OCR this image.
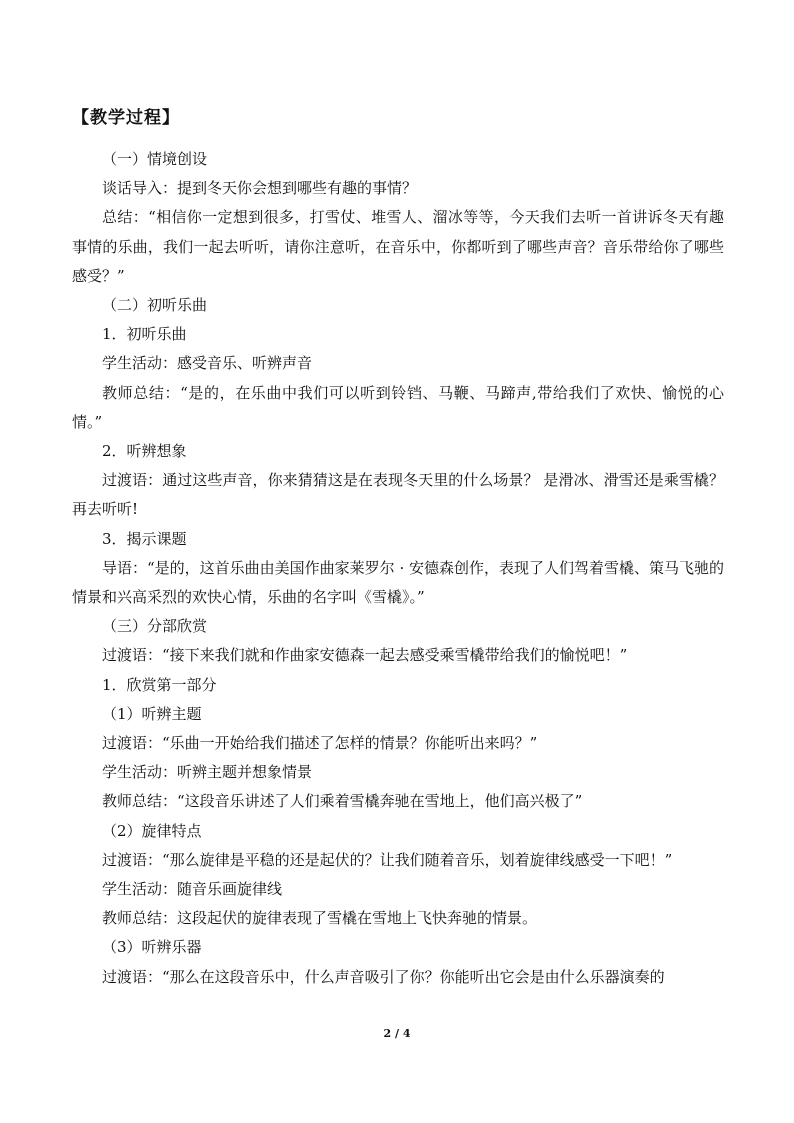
【教学过程】

（一）情境创设

谈话导入：提到冬天你会想到哪些有趣的事情？

总结：“相信你一定想到很多，打雪仗、堆雪人、溜冰等等，今天我们去听一首讲诉冬天有趣事情的乐曲，我们一起去听听，请你注意听，在音乐中，你都听到了哪些声音？音乐带给你了哪些感受？”

（二）初听乐曲

1．初听乐曲

学生活动：感受音乐、听辨声音

教师总结：“是的，在乐曲中我们可以听到铃铛、马鞭、马蹄声,带给我们了欢快、愉悦的心情。”

2．听辨想象

过渡语：通过这些声音，你来猜猜这是在表现冬天里的什么场景？ 是滑冰、滑雪还是乘雪橇？再去听听!

3．揭示课题

导语：“是的，这首乐曲由美国作曲家莱罗尔 · 安德森创作，表现了人们驾着雪橇、策马飞驰的情景和兴高采烈的欢快心情，乐曲的名字叫《雪橇》。”

（三）分部欣赏

过渡语：“接下来我们就和作曲家安德森一起去感受乘雪橇带给我们的愉悦吧！”

1．欣赏第一部分

（1）听辨主题

过渡语：“乐曲一开始给我们描述了怎样的情景？你能听出来吗？”

学生活动：听辨主题并想象情景

教师总结：“这段音乐讲述了人们乘着雪橇奔驰在雪地上，他们高兴极了”

（2）旋律特点

过渡语：“那么旋律是平稳的还是起伏的？让我们随着音乐，划着旋律线感受一下吧！”

学生活动：随音乐画旋律线

教师总结：这段起伏的旋律表现了雪橇在雪地上飞快奔驰的情景。

（3）听辨乐器

过渡语：“那么在这段音乐中，什么声音吸引了你？你能听出它会是由什么乐器演奏的

2 / 4
